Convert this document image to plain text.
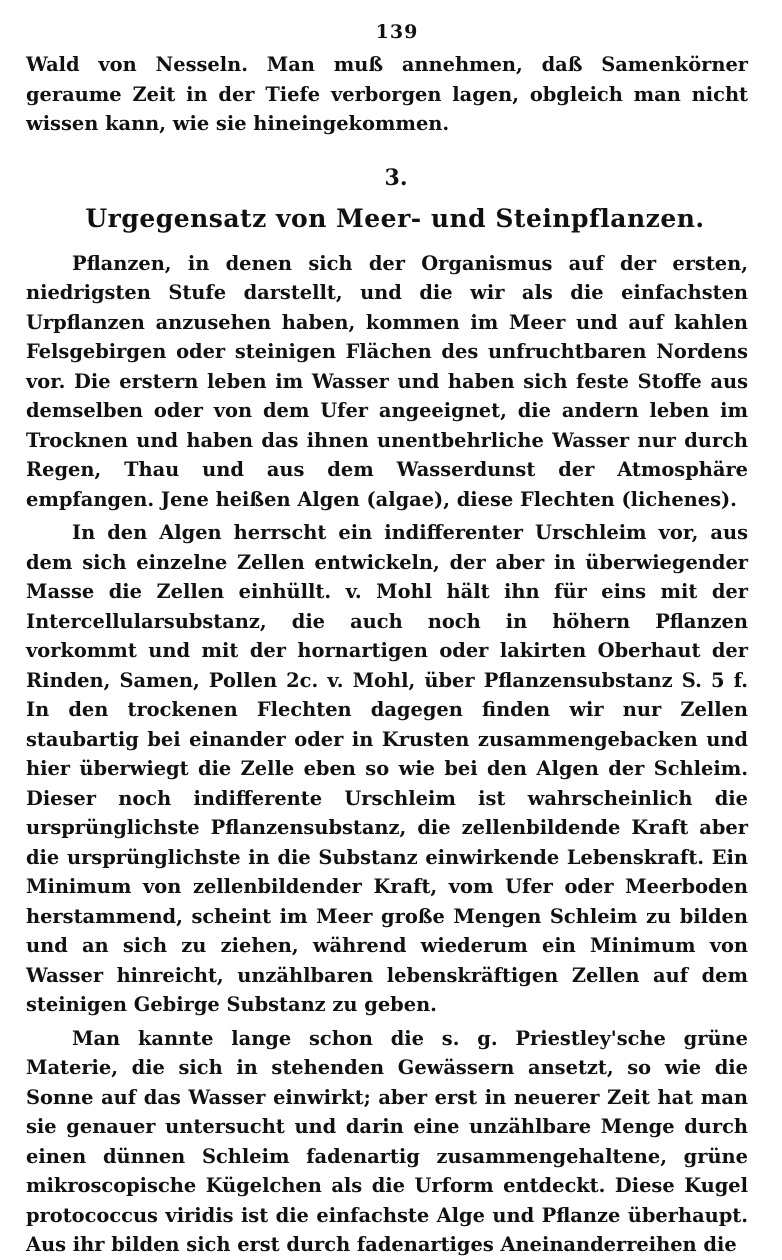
139

Wald von Nesseln. Man muß annehmen, daß Samenkörner geraume Zeit in der Tiefe verborgen lagen, obgleich man nicht wissen kann, wie sie hineingekommen.

3.
Urgegensatz von Meer- und Steinpflanzen.

Pflanzen, in denen sich der Organismus auf der ersten, niedrigsten Stufe darstellt, und die wir als die einfachsten Urpflanzen anzusehen haben, kommen im Meer und auf kahlen Felsgebirgen oder steinigen Flächen des unfruchtbaren Nordens vor. Die erstern leben im Wasser und haben sich feste Stoffe aus demselben oder von dem Ufer angeeignet, die andern leben im Trocknen und haben das ihnen unentbehrliche Wasser nur durch Regen, Thau und aus dem Wasserdunst der Atmosphäre empfangen. Jene heißen Algen (algae), diese Flechten (lichenes).

In den Algen herrscht ein indifferenter Urschleim vor, aus dem sich einzelne Zellen entwickeln, der aber in überwiegender Masse die Zellen einhüllt. v. Mohl hält ihn für eins mit der Intercellularsubstanz, die auch noch in höhern Pflanzen vorkommt und mit der hornartigen oder lakirten Oberhaut der Rinden, Samen, Pollen 2c. v. Mohl, über Pflanzensubstanz S. 5 f. In den trockenen Flechten dagegen finden wir nur Zellen staubartig bei einander oder in Krusten zusammengebacken und hier überwiegt die Zelle eben so wie bei den Algen der Schleim. Dieser noch indifferente Urschleim ist wahrscheinlich die ursprünglichste Pflanzensubstanz, die zellenbildende Kraft aber die ursprünglichste in die Substanz einwirkende Lebenskraft. Ein Minimum von zellenbildender Kraft, vom Ufer oder Meerboden herstammend, scheint im Meer große Mengen Schleim zu bilden und an sich zu ziehen, während wiederum ein Minimum von Wasser hinreicht, unzählbaren lebenskräftigen Zellen auf dem steinigen Gebirge Substanz zu geben.

Man kannte lange schon die s. g. Priestley'sche grüne Materie, die sich in stehenden Gewässern ansetzt, so wie die Sonne auf das Wasser einwirkt; aber erst in neuerer Zeit hat man sie genauer untersucht und darin eine unzählbare Menge durch einen dünnen Schleim fadenartig zusammengehaltene, grüne mikroscopische Kügelchen als die Urform entdeckt. Diese Kugel protococcus viridis ist die einfachste Alge und Pflanze überhaupt. Aus ihr bilden sich erst durch fadenartiges Aneinanderreihen die
